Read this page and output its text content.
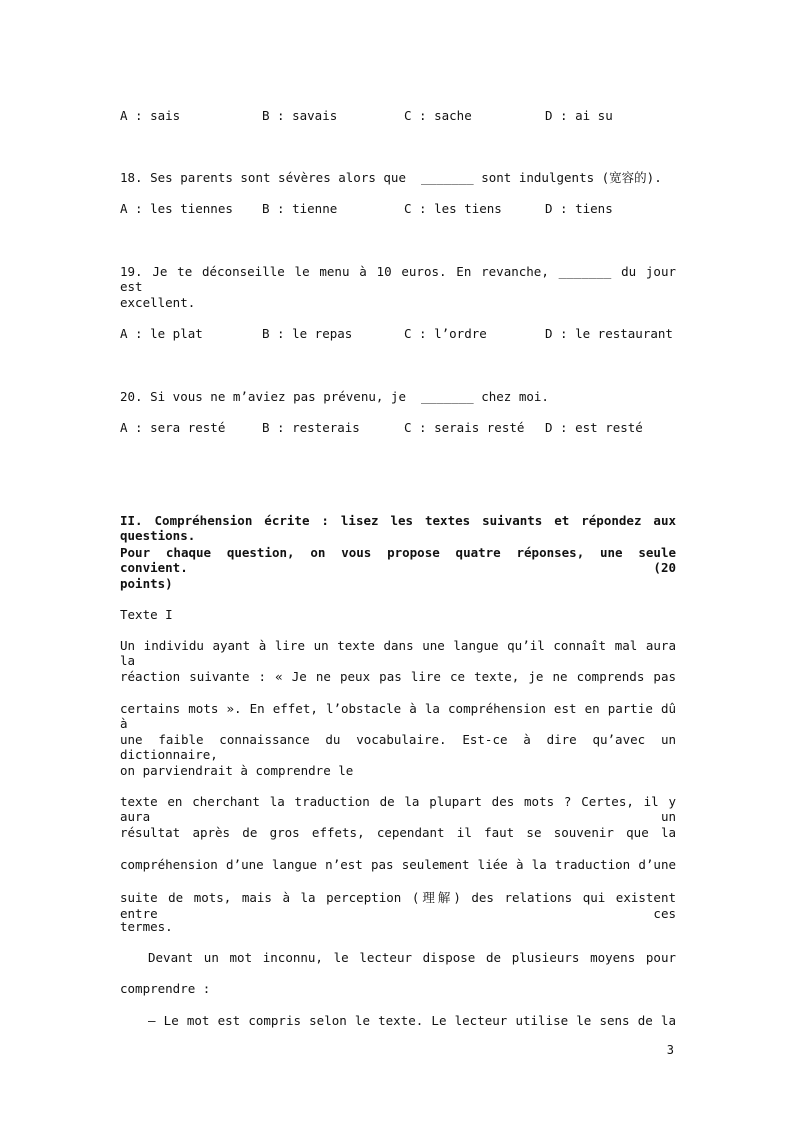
A : sais	B : savais	C : sache	D : ai su
18. Ses parents sont sévères alors que  _______ sont indulgents (宽容的).
A : les tiennes B : tienne	C : les tiens	D : tiens
19. Je te déconseille le menu à 10 euros. En revanche, _______ du jour est
excellent.
A : le plat	B : le repas	C : l’ordre	D : le restaurant
20. Si vous ne m’aviez pas prévenu, je  _______ chez moi.
A : sera resté	B : resterais	C : serais resté D : est resté
II. Compréhension écrite : lisez les textes suivants et répondez aux questions.
Pour chaque question, on vous propose quatre réponses, une seule convient. (20
points)
Texte I
Un individu ayant à lire un texte dans une langue qu’il connaît mal aura la
réaction suivante : « Je ne peux pas lire ce texte, je ne comprends pas
certains mots ». En effet, l’obstacle à la compréhension est en partie dû à
une faible connaissance du vocabulaire. Est-ce à dire qu’avec un dictionnaire,
on parviendrait à comprendre le
texte en cherchant la traduction de la plupart des mots ? Certes, il y aura un
résultat après de gros effets, cependant il faut se souvenir que la
compréhension d’une langue n’est pas seulement liée à la traduction d’une
suite de mots, mais à la perception (理解) des relations qui existent entre ces
termes.
Devant un mot inconnu, le lecteur dispose de plusieurs moyens pour
comprendre :
– Le mot est compris selon le texte. Le lecteur utilise le sens de la
3
